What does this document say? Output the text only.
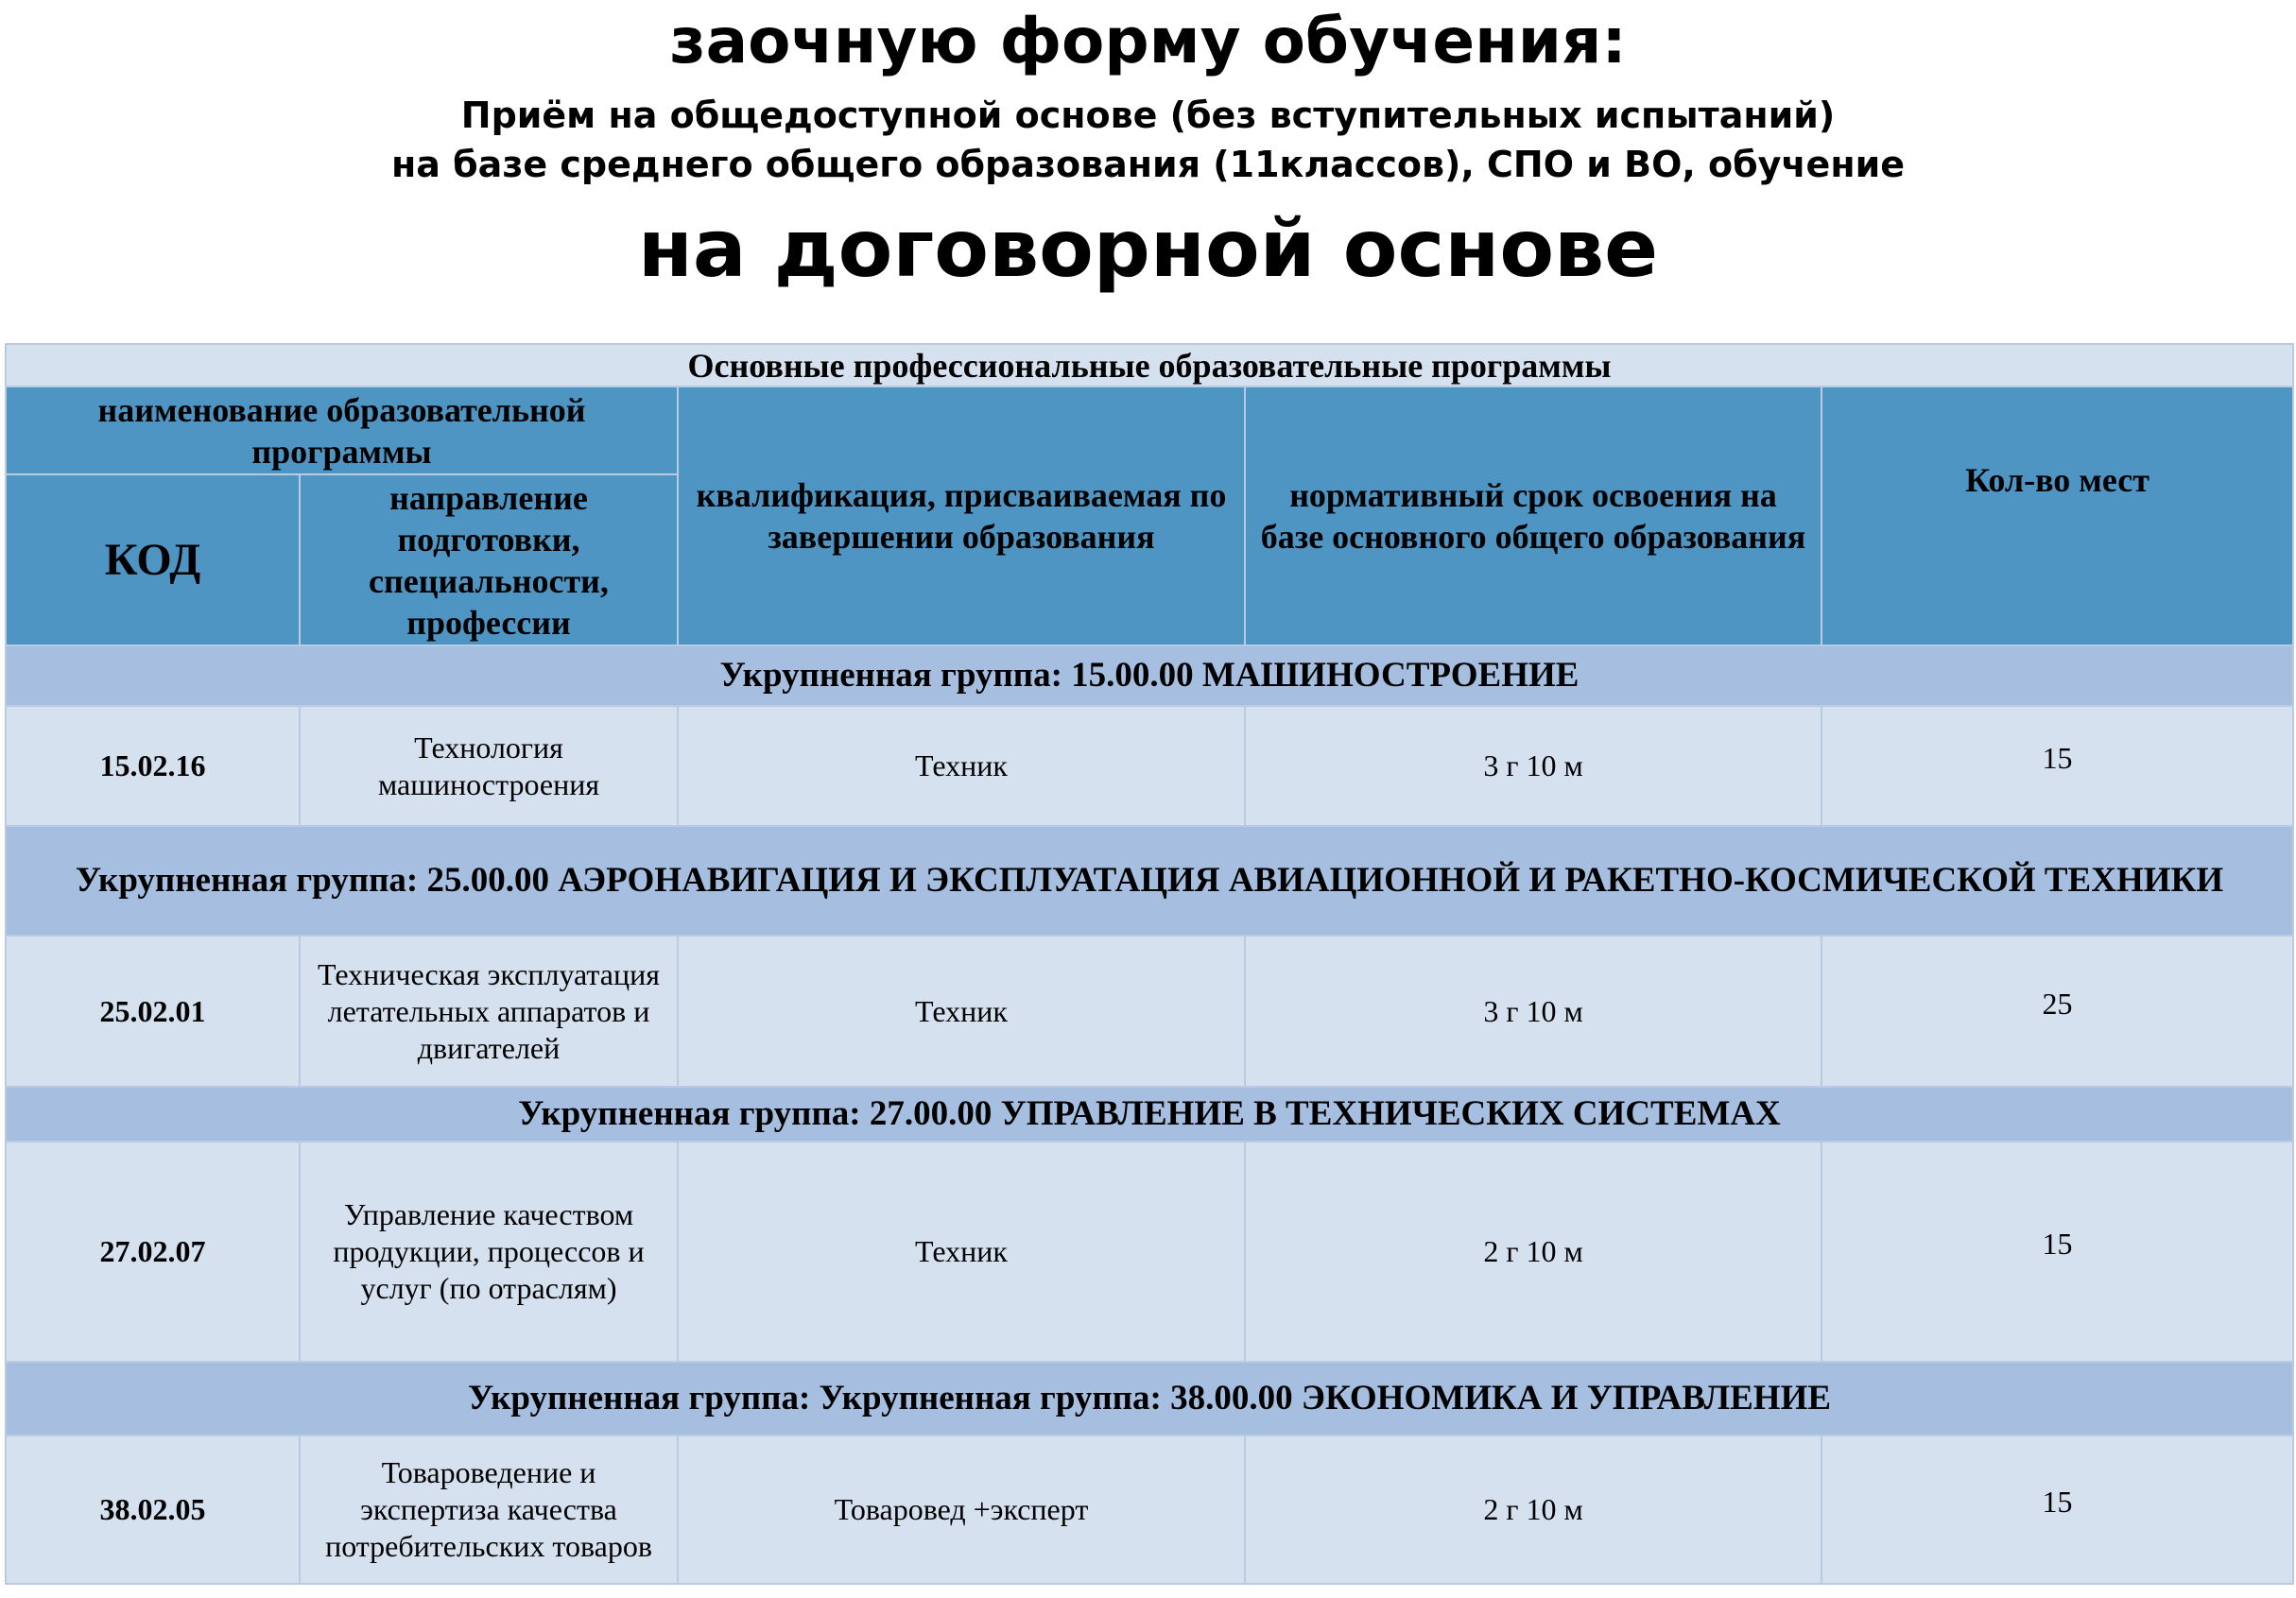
заочную форму обучения:
Приём на общедоступной основе (без вступительных испытаний)
на базе среднего общего образования (11классов), СПО и ВО, обучение
на договорной основе
Основные профессиональные образовательные программы				
наименование образовательной программы		квалификация, присваиваемая по завершении образования	нормативный срок освоения на базе основного общего образования	Кол-во мест
КОД	направление подготовки, специальности, профессии			
Укрупненная группа: 15.00.00 МАШИНОСТРОЕНИЕ				
15.02.16	Технология машиностроения	Техник	3 г 10 м	15
Укрупненная группа: 25.00.00 АЭРОНАВИГАЦИЯ И ЭКСПЛУАТАЦИЯ АВИАЦИОННОЙ И РАКЕТНО-КОСМИЧЕСКОЙ ТЕХНИКИ				
25.02.01	Техническая эксплуатация летательных аппаратов и двигателей	Техник	3 г 10 м	25
Укрупненная группа: 27.00.00 УПРАВЛЕНИЕ В ТЕХНИЧЕСКИХ СИСТЕМАХ				
27.02.07	Управление качеством продукции, процессов и услуг (по отраслям)	Техник	2 г 10 м	15
Укрупненная группа: Укрупненная группа: 38.00.00 ЭКОНОМИКА И УПРАВЛЕНИЕ				
38.02.05	Товароведение и экспертиза качества потребительских товаров	Товаровед +эксперт	2 г 10 м	15
